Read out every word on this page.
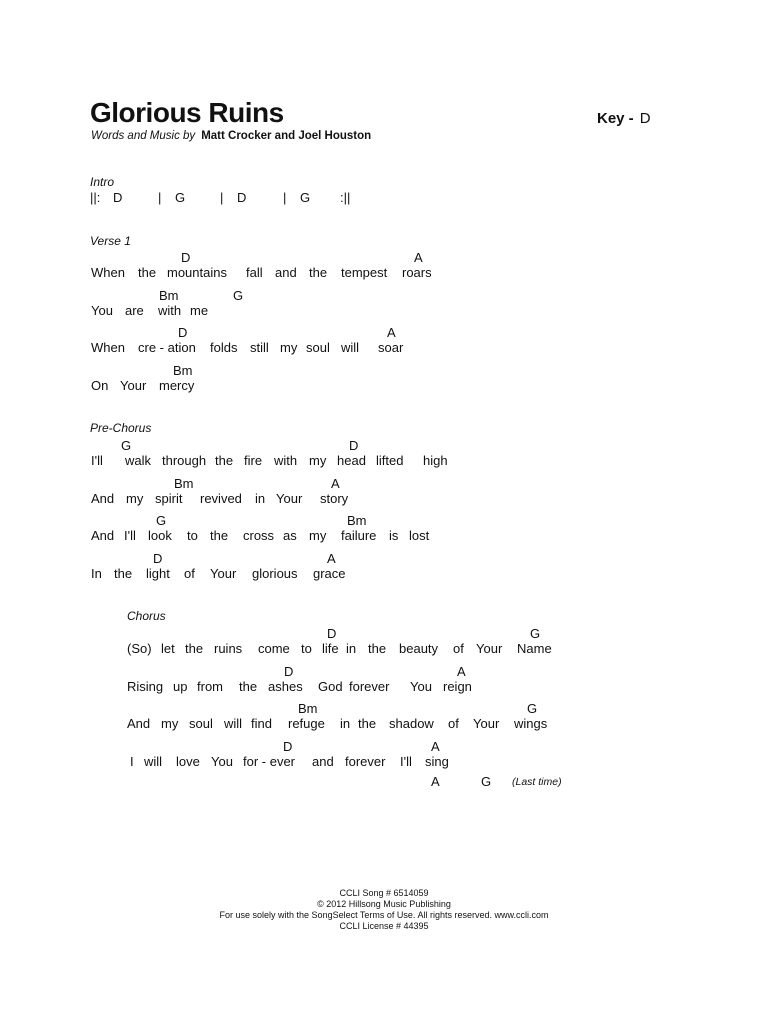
Glorious Ruins
Words and Music by Matt Crocker and Joel Houston
Key - D
Intro
||: D	| G	| D	| G :||
Verse 1
D	A
When the mountains fall and the tempest roars
Bm	G
You are with me
D	A
When cre - ation folds still my soul will soar
Bm
On Your mercy
Pre-Chorus
G	D
I'll walk through the fire with my head lifted high
Bm	A
And my spirit revived in Your story
G	Bm
And I'll look to the cross as my failure is lost
D	A
In the light of Your glorious grace
Chorus
D	G
(So) let the ruins come to life in the beauty of Your Name
D	A
Rising up from the ashes God forever You reign
Bm	G
And my soul will find refuge in the shadow of Your wings
D	A
I will love You for - ever and forever I'll sing
A	G (Last time)
CCLI Song # 6514059
© 2012 Hillsong Music Publishing
For use solely with the SongSelect Terms of Use. All rights reserved. www.ccli.com
CCLI License # 44395
